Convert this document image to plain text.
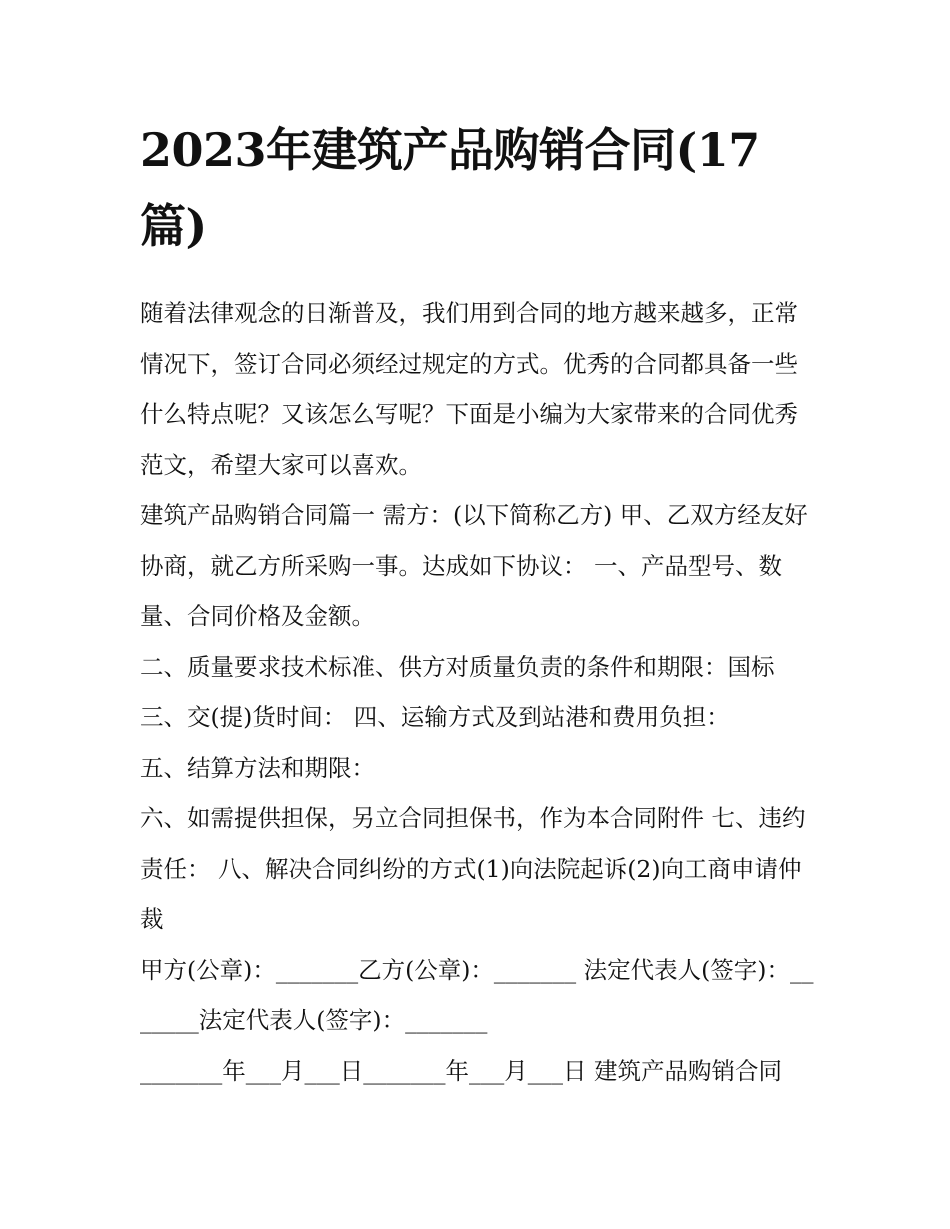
2023年建筑产品购销合同(17篇)

随着法律观念的日渐普及，我们用到合同的地方越来越多，正常情况下，签订合同必须经过规定的方式。优秀的合同都具备一些什么特点呢？又该怎么写呢？下面是小编为大家带来的合同优秀范文，希望大家可以喜欢。

建筑产品购销合同篇一 需方：(以下简称乙方) 甲、乙双方经友好协商，就乙方所采购一事。达成如下协议： 一、产品型号、数量、合同价格及金额。

二、质量要求技术标准、供方对质量负责的条件和期限：国标

三、交(提)货时间： 四、运输方式及到站港和费用负担：

五、结算方法和期限：

六、如需提供担保，另立合同担保书，作为本合同附件 七、违约责任： 八、解决合同纠纷的方式(1)向法院起诉(2)向工商申请仲裁

甲方(公章)：_______乙方(公章)：_______ 法定代表人(签字)：_______法定代表人(签字)：_______

_______年___月___日_______年___月___日 建筑产品购销合同
